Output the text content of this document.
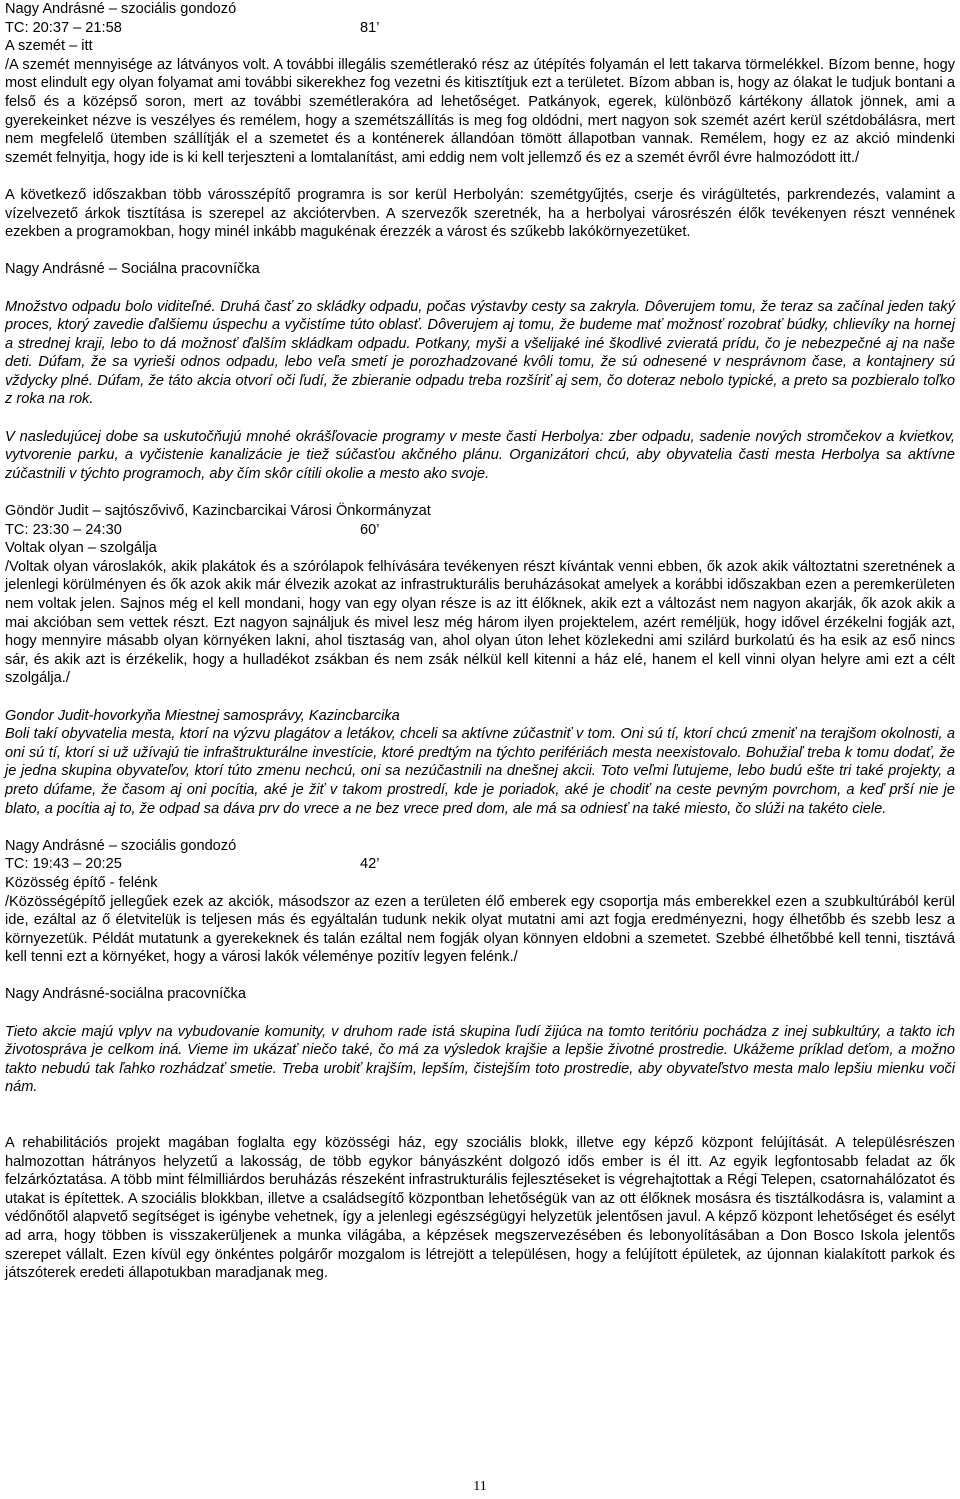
Nagy Andrásné – szociális gondozó
TC: 20:37 – 21:58	81’
A szemét – itt

/A szemét mennyisége az látványos volt. A további illegális szemétlerakó rész az útépítés folyamán el lett takarva törmelékkel. Bízom benne, hogy most elindult egy olyan folyamat ami további sikerekhez fog vezetni és kitisztítjuk ezt a területet. Bízom abban is, hogy az ólakat le tudjuk bontani a felső és a középső soron, mert az további szemétlerakóra ad lehetőséget. Patkányok, egerek, különböző kártékony állatok jönnek, ami a gyerekeinket nézve is veszélyes és remélem, hogy a szemétszállítás is meg fog oldódni, mert nagyon sok szemét azért kerül szétdobálásra, mert nem megfelelő ütemben szállítják el a szemetet és a konténerek állandóan tömött állapotban vannak. Remélem, hogy ez az akció mindenki szemét felnyitja, hogy ide is ki kell terjeszteni a lomtalanítást, ami eddig nem volt jellemző és ez a szemét évről évre halmozódott itt./

A következő időszakban több városszépítő programra is sor kerül Herbolyán: szemétgyűjtés, cserje és virágültetés, parkrendezés, valamint a vízelvezető árkok tisztítása is szerepel az akciótervben. A szervezők szeretnék, ha a herbolyai városrészén élők tevékenyen részt vennének ezekben a programokban, hogy minél inkább magukénak érezzék a várost és szűkebb lakókörnyezetüket.

Nagy Andrásné – Sociálna pracovníčka

Množstvo odpadu bolo viditeľné. Druhá časť zo skládky odpadu, počas výstavby cesty sa zakryla. Dôverujem tomu, že teraz sa začínal jeden taký proces, ktorý zavedie ďalšiemu úspechu a vyčistíme túto oblasť. Dôverujem aj tomu, že budeme mať možnosť rozobrať búdky, chlievíky na hornej a strednej kraji, lebo to dá možnosť ďalším skládkam odpadu. Potkany, myši a všelijaké iné škodlivé zvieratá prídu, čo je nebezpečné aj na naše deti. Dúfam, že sa vyrieši odnos odpadu, lebo veľa smetí je porozhadzované kvôli tomu, že sú odnesené v nesprávnom čase, a kontajnery sú vždycky plné. Dúfam, že táto akcia otvorí oči ľudí, že zbieranie odpadu treba rozšíriť aj sem, čo doteraz nebolo typické, a preto sa pozbieralo toľko z roka na rok.

V nasledujúcej dobe sa uskutočňujú mnohé okrášľovacie programy v meste časti Herbolya: zber odpadu, sadenie nových stromčekov a kvietkov, vytvorenie parku, a vyčistenie kanalizácie je tiež súčasťou akčného plánu. Organizátori chcú, aby obyvatelia časti mesta Herbolya sa aktívne zúčastnili v týchto programoch, aby čím skôr cítili okolie a mesto ako svoje.

Göndör Judit – sajtószővivő, Kazincbarcikai Városi Önkormányzat
TC: 23:30 – 24:30	60’
Voltak olyan – szolgálja

/Voltak olyan városlakók, akik plakátok és a szórólapok felhívására tevékenyen részt kívántak venni ebben, ők azok akik változtatni szeretnének a jelenlegi körülményen és ők azok akik már élvezik azokat az infrastrukturális beruházásokat amelyek a korábbi időszakban ezen a peremkerületen nem voltak jelen. Sajnos még el kell mondani, hogy van egy olyan része is az itt élőknek, akik ezt a változást nem nagyon akarják, ők azok akik a mai akcióban sem vettek részt. Ezt nagyon sajnáljuk és mivel lesz még három ilyen projektelem, azért reméljük, hogy idővel érzékelni fogják azt, hogy mennyire másabb olyan környéken lakni, ahol tisztaság van, ahol olyan úton lehet közlekedni ami szilárd burkolatú és ha esik az eső nincs sár, és akik azt is érzékelik, hogy a hulladékot zsákban és nem zsák nélkül kell kitenni a ház elé, hanem el kell vinni olyan helyre ami ezt a célt szolgálja./

Gondor Judit-hovorkyňa Miestnej samosprávy, Kazincbarcika

Boli takí obyvatelia mesta, ktorí na výzvu plagátov a letákov, chceli sa aktívne zúčastniť v tom. Oni sú tí, ktorí chcú zmeniť na terajšom okolnosti, a oni sú tí, ktorí si už užívajú tie infraštrukturálne investície, ktoré predtým na týchto perifériách mesta neexistovalo. Bohužiaľ treba k tomu dodať, že je jedna skupina obyvateľov, ktorí túto zmenu nechcú, oni sa nezúčastnili na dnešnej akcii. Toto veľmi ľutujeme, lebo budú ešte tri také projekty, a preto dúfame, že časom aj oni pocítia, aké je žiť v takom prostredí, kde je poriadok, aké je chodiť na ceste pevným povrchom, a keď prší nie je blato, a pocítia aj to, že odpad sa dáva prv do vrece a ne bez vrece pred dom, ale má sa odniesť na také miesto, čo slúži na takéto ciele.

Nagy Andrásné – szociális gondozó
TC: 19:43 – 20:25	42’
Közösség építő - felénk

/Közösségépítő jellegűek ezek az akciók, másodszor az ezen a területen élő emberek egy csoportja más emberekkel ezen a szubkultúrából kerül ide, ezáltal az ő életvitelük is teljesen más és egyáltalán tudunk nekik olyat mutatni ami azt fogja eredményezni, hogy élhetőbb és szebb lesz a környezetük. Példát mutatunk a gyerekeknek és talán ezáltal nem fogják olyan könnyen eldobni a szemetet. Szebbé élhetőbbé kell tenni, tisztává kell tenni ezt a környéket, hogy a városi lakók véleménye pozitív legyen felénk./

Nagy Andrásné-sociálna pracovníčka

Tieto akcie majú vplyv na vybudovanie komunity, v druhom rade istá skupina ľudí žijúca na tomto teritóriu pochádza z inej subkultúry, a takto ich životospráva je celkom iná. Vieme im ukázať niečo také, čo má za výsledok krajšie a lepšie životné prostredie. Ukážeme príklad deťom, a možno takto nebudú tak ľahko rozhádzať smetie. Treba urobiť krajším, lepším, čistejším toto prostredie, aby obyvateľstvo mesta malo lepšiu mienku voči nám.

A rehabilitációs projekt magában foglalta egy közösségi ház, egy szociális blokk, illetve egy képző központ felújítását. A településrészen halmozottan hátrányos helyzetű a lakosság, de több egykor bányászként dolgozó idős ember is él itt. Az egyik legfontosabb feladat az ők felzárkóztatása. A több mint félmilliárdos beruházás részeként infrastrukturális fejlesztéseket is végrehajtottak a Régi Telepen, csatornahálózatot és utakat is építettek. A szociális blokkban, illetve a családsegítő központban lehetőségük van az ott élőknek mosásra és tisztálkodásra is, valamint a védőnőtől alapvető segítséget is igénybe vehetnek, így a jelenlegi egészségügyi helyzetük jelentősen javul. A képző központ lehetőséget és esélyt ad arra, hogy többen is visszakerüljenek a munka világába, a képzések megszervezésében és lebonyolításában a Don Bosco Iskola jelentős szerepet vállalt. Ezen kívül egy önkéntes polgárőr mozgalom is létrejött a településen, hogy a felújított épületek, az újonnan kialakított parkok és játszóterek eredeti állapotukban maradjanak meg.

11
